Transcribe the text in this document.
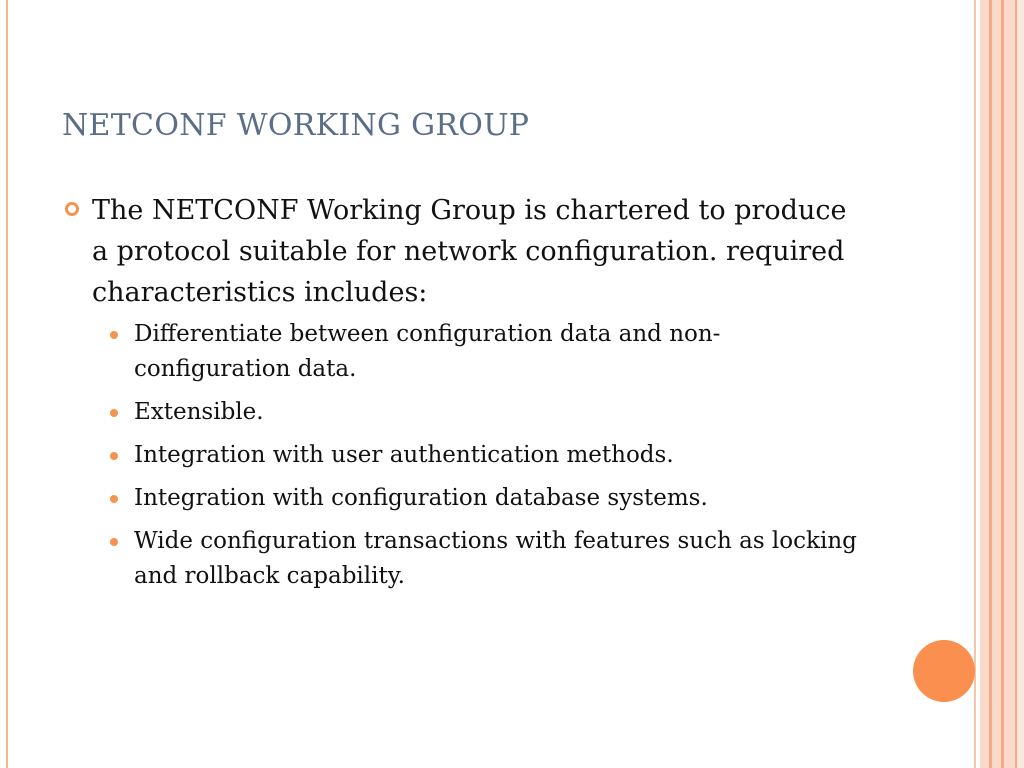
NETCONF WORKING GROUP
The NETCONF Working Group is chartered to produce a protocol suitable for network configuration. required characteristics includes:
Differentiate between configuration data and non-configuration data.
Extensible.
Integration with user authentication methods.
Integration with configuration database systems.
Wide configuration transactions with features such as locking and rollback capability.
